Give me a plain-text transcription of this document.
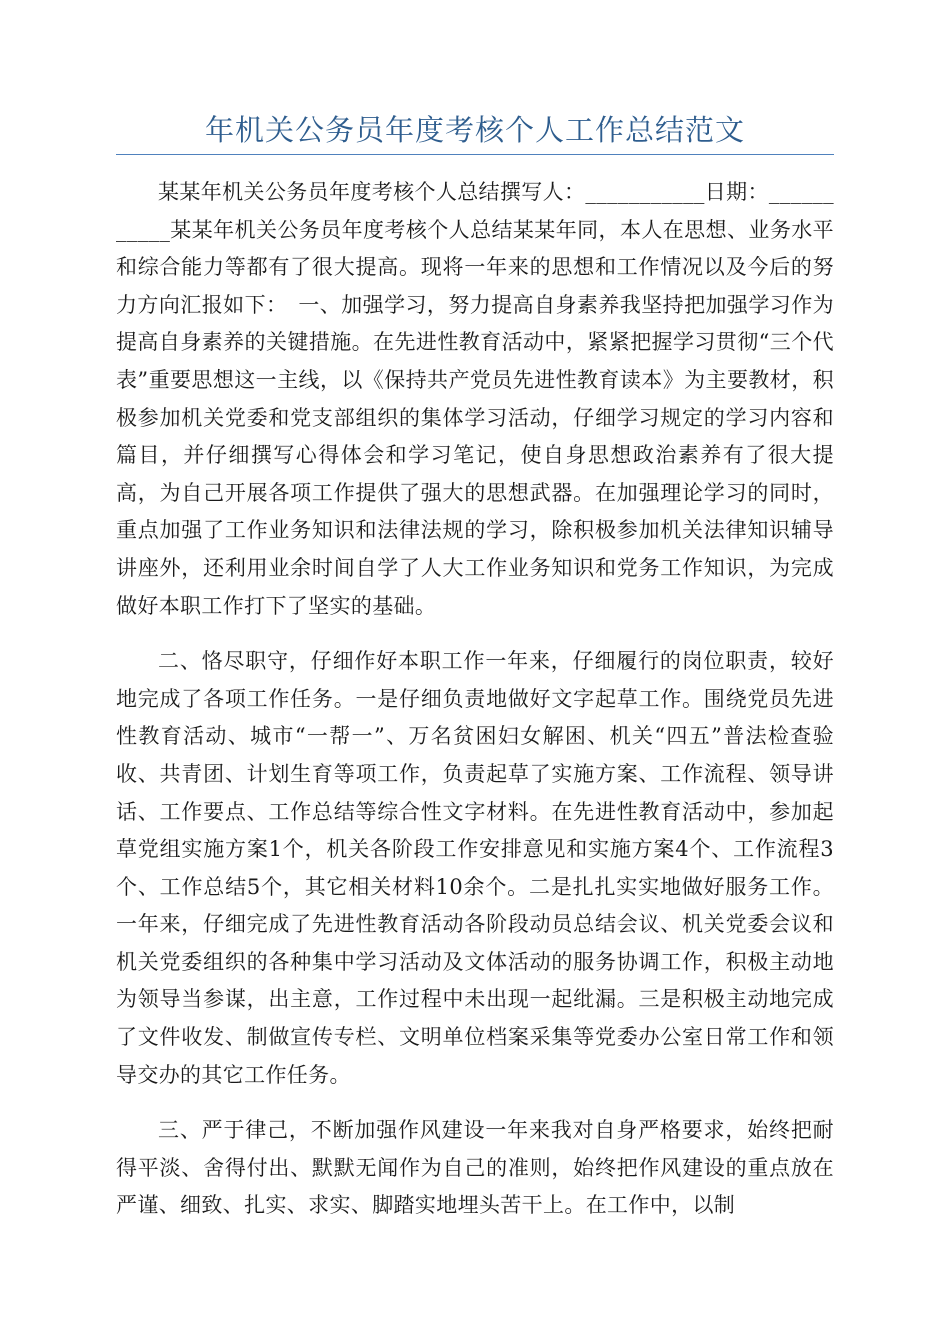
年机关公务员年度考核个人工作总结范文

某某年机关公务员年度考核个人总结撰写人：___________日期：___________某某年机关公务员年度考核个人总结某某年同，本人在思想、业务水平和综合能力等都有了很大提高。现将一年来的思想和工作情况以及今后的努力方向汇报如下：　一、加强学习，努力提高自身素养我坚持把加强学习作为提高自身素养的关键措施。在先进性教育活动中，紧紧把握学习贯彻“三个代表”重要思想这一主线，以《保持共产党员先进性教育读本》为主要教材，积极参加机关党委和党支部组织的集体学习活动，仔细学习规定的学习内容和篇目，并仔细撰写心得体会和学习笔记，使自身思想政治素养有了很大提高，为自己开展各项工作提供了强大的思想武器。在加强理论学习的同时，重点加强了工作业务知识和法律法规的学习，除积极参加机关法律知识辅导讲座外，还利用业余时间自学了人大工作业务知识和党务工作知识，为完成做好本职工作打下了坚实的基础。

二、恪尽职守，仔细作好本职工作一年来，仔细履行的岗位职责，较好地完成了各项工作任务。一是仔细负责地做好文字起草工作。围绕党员先进性教育活动、城市“一帮一”、万名贫困妇女解困、机关“四五”普法检查验收、共青团、计划生育等项工作，负责起草了实施方案、工作流程、领导讲话、工作要点、工作总结等综合性文字材料。在先进性教育活动中，参加起草党组实施方案1个，机关各阶段工作安排意见和实施方案4个、工作流程3个、工作总结5个，其它相关材料10余个。二是扎扎实实地做好服务工作。一年来，仔细完成了先进性教育活动各阶段动员总结会议、机关党委会议和机关党委组织的各种集中学习活动及文体活动的服务协调工作，积极主动地为领导当参谋，出主意，工作过程中未出现一起纰漏。三是积极主动地完成了文件收发、制做宣传专栏、文明单位档案采集等党委办公室日常工作和领导交办的其它工作任务。

三、严于律己，不断加强作风建设一年来我对自身严格要求，始终把耐得平淡、舍得付出、默默无闻作为自己的准则，始终把作风建设的重点放在严谨、细致、扎实、求实、脚踏实地埋头苦干上。在工作中，以制
